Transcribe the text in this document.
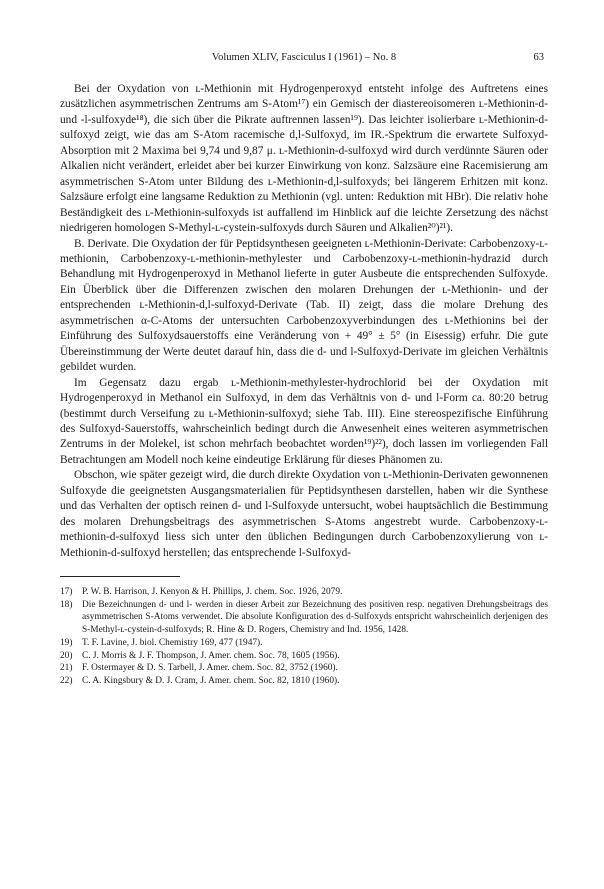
Volumen XLIV, Fasciculus I (1961) – No. 8	63

Bei der Oxydation von ʟ-Methionin mit Hydrogenperoxyd entsteht infolge des Auftretens eines zusätzlichen asymmetrischen Zentrums am S-Atom¹⁷) ein Gemisch der diastereoisomeren ʟ-Methionin-d- und -l-sulfoxyde¹⁸), die sich über die Pikrate auftrennen lassen¹⁹). Das leichter isolierbare ʟ-Methionin-d-sulfoxyd zeigt, wie das am S-Atom racemische d,l-Sulfoxyd, im IR.-Spektrum die erwartete Sulfoxyd-Absorption mit 2 Maxima bei 9,74 und 9,87 μ. ʟ-Methionin-d-sulfoxyd wird durch verdünnte Säuren oder Alkalien nicht verändert, erleidet aber bei kurzer Einwirkung von konz. Salzsäure eine Racemisierung am asymmetrischen S-Atom unter Bildung des ʟ-Methionin-d,l-sulfoxyds; bei längerem Erhitzen mit konz. Salzsäure erfolgt eine langsame Reduktion zu Methionin (vgl. unten: Reduktion mit HBr). Die relativ hohe Beständigkeit des ʟ-Methionin-sulfoxyds ist auffallend im Hinblick auf die leichte Zersetzung des nächst niedrigeren homologen S-Methyl-ʟ-cystein-sulfoxyds durch Säuren und Alkalien²⁰)²¹).

B. Derivate. Die Oxydation der für Peptidsynthesen geeigneten ʟ-Methionin-Derivate: Carbobenzoxy-ʟ-methionin, Carbobenzoxy-ʟ-methionin-methylester und Carbobenzoxy-ʟ-methionin-hydrazid durch Behandlung mit Hydrogenperoxyd in Methanol lieferte in guter Ausbeute die entsprechenden Sulfoxyde. Ein Überblick über die Differenzen zwischen den molaren Drehungen der ʟ-Methionin- und der entsprechenden ʟ-Methionin-d,l-sulfoxyd-Derivate (Tab. II) zeigt, dass die molare Drehung des asymmetrischen α-C-Atoms der untersuchten Carbobenzoxyverbindungen des ʟ-Methionins bei der Einführung des Sulfoxydsauerstoffs eine Veränderung von + 49° ± 5° (in Eisessig) erfuhr. Die gute Übereinstimmung der Werte deutet darauf hin, dass die d- und l-Sulfoxyd-Derivate im gleichen Verhältnis gebildet wurden.

Im Gegensatz dazu ergab ʟ-Methionin-methylester-hydrochlorid bei der Oxydation mit Hydrogenperoxyd in Methanol ein Sulfoxyd, in dem das Verhältnis von d- und l-Form ca. 80:20 betrug (bestimmt durch Verseifung zu ʟ-Methionin-sulfoxyd; siehe Tab. III). Eine stereospezifische Einführung des Sulfoxyd-Sauerstoffs, wahrscheinlich bedingt durch die Anwesenheit eines weiteren asymmetrischen Zentrums in der Molekel, ist schon mehrfach beobachtet worden¹⁹)²²), doch lassen im vorliegenden Fall Betrachtungen am Modell noch keine eindeutige Erklärung für dieses Phänomen zu.

Obschon, wie später gezeigt wird, die durch direkte Oxydation von ʟ-Methionin-Derivaten gewonnenen Sulfoxyde die geeignetsten Ausgangsmaterialien für Peptidsynthesen darstellen, haben wir die Synthese und das Verhalten der optisch reinen d- und l-Sulfoxyde untersucht, wobei hauptsächlich die Bestimmung des molaren Drehungsbeitrags des asymmetrischen S-Atoms angestrebt wurde. Carbobenzoxy-ʟ-methionin-d-sulfoxyd liess sich unter den üblichen Bedingungen durch Carbobenzoxylierung von ʟ-Methionin-d-sulfoxyd herstellen; das entsprechende l-Sulfoxyd-

17)	P. W. B. Harrison, J. Kenyon & H. Phillips, J. chem. Soc. 1926, 2079.
18)	Die Bezeichnungen d- und l- werden in dieser Arbeit zur Bezeichnung des positiven resp. negativen Drehungsbeitrags des asymmetrischen S-Atoms verwendet. Die absolute Konfiguration des d-Sulfoxyds entspricht wahrscheinlich derjenigen des S-Methyl-ʟ-cystein-d-sulfoxyds; R. Hine & D. Rogers, Chemistry and Ind. 1956, 1428.
19)	T. F. Lavine, J. biol. Chemistry 169, 477 (1947).
20)	C. J. Morris & J. F. Thompson, J. Amer. chem. Soc. 78, 1605 (1956).
21)	F. Ostermayer & D. S. Tarbell, J. Amer. chem. Soc. 82, 3752 (1960).
22)	C. A. Kingsbury & D. J. Cram, J. Amer. chem. Soc. 82, 1810 (1960).
